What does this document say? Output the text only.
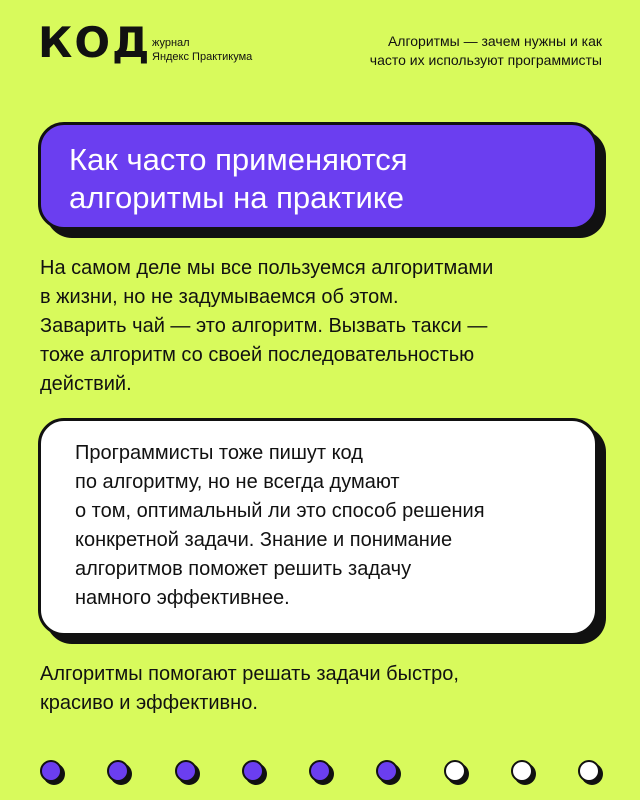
КОД журнал
Яндекс Практикума
Алгоритмы — зачем нужны и как
часто их используют программисты
Как часто применяются
алгоритмы на практике
На самом деле мы все пользуемся алгоритмами
в жизни, но не задумываемся об этом.
Заварить чай — это алгоритм. Вызвать такси —
тоже алгоритм со своей последовательностью
действий.
Программисты тоже пишут код
по алгоритму, но не всегда думают
о том, оптимальный ли это способ решения
конкретной задачи. Знание и понимание
алгоритмов поможет решить задачу
намного эффективнее.
Алгоритмы помогают решать задачи быстро,
красиво и эффективно.
